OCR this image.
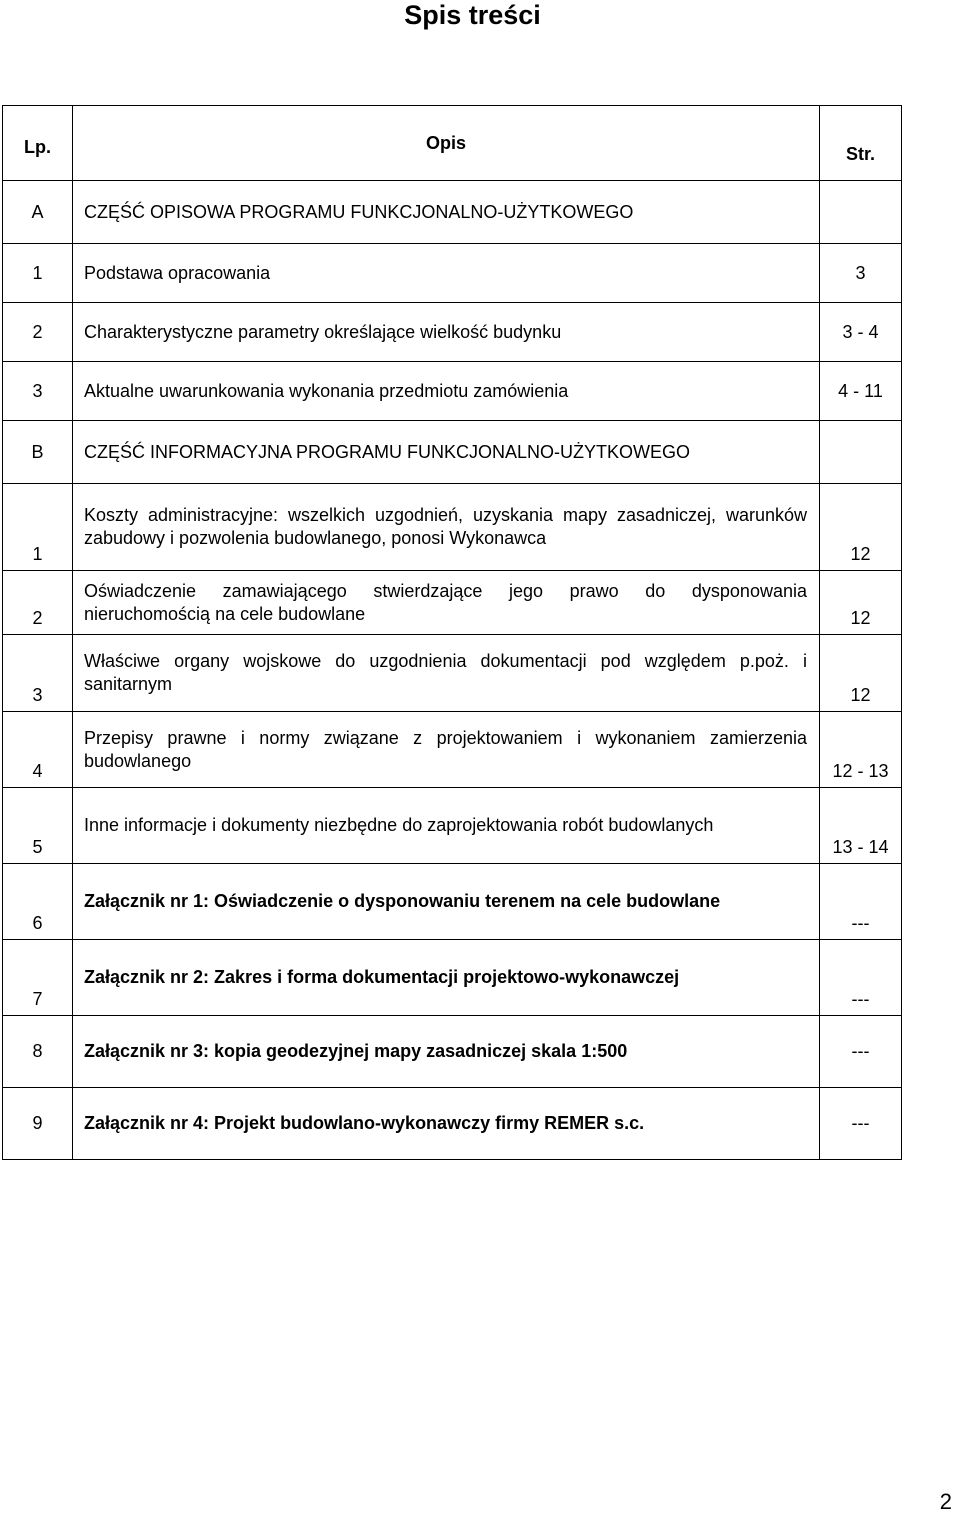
Spis treści
Lp.	Opis	Str.
A	CZĘŚĆ OPISOWA PROGRAMU FUNKCJONALNO-UŻYTKOWEGO	

1	Podstawa opracowania	3
2	Charakterystyczne parametry określające wielkość budynku	3 - 4
3	Aktualne uwarunkowania wykonania przedmiotu zamówienia	4 - 11
B	CZĘŚĆ INFORMACYJNA PROGRAMU FUNKCJONALNO-UŻYTKOWEGO	

1	Koszty administracyjne: wszelkich uzgodnień, uzyskania mapy zasadniczej, warunków zabudowy i pozwolenia budowlanego, ponosi Wykonawca	12
2	Oświadczenie zamawiającego stwierdzające jego prawo do dysponowania nieruchomością na cele budowlane	12
3	Właściwe organy wojskowe do uzgodnienia dokumentacji pod względem p.poż. i sanitarnym	12
4	Przepisy prawne i normy związane z projektowaniem i wykonaniem zamierzenia budowlanego	12 - 13
5	Inne informacje i dokumenty niezbędne do zaprojektowania robót budowlanych	13 - 14
6	Załącznik nr 1: Oświadczenie o dysponowaniu terenem na cele budowlane	---
7	Załącznik nr 2: Zakres i forma dokumentacji projektowo-wykonawczej	---
8	Załącznik nr 3: kopia geodezyjnej mapy zasadniczej skala 1:500	---
9	Załącznik nr 4: Projekt budowlano-wykonawczy firmy REMER s.c.	---
2
